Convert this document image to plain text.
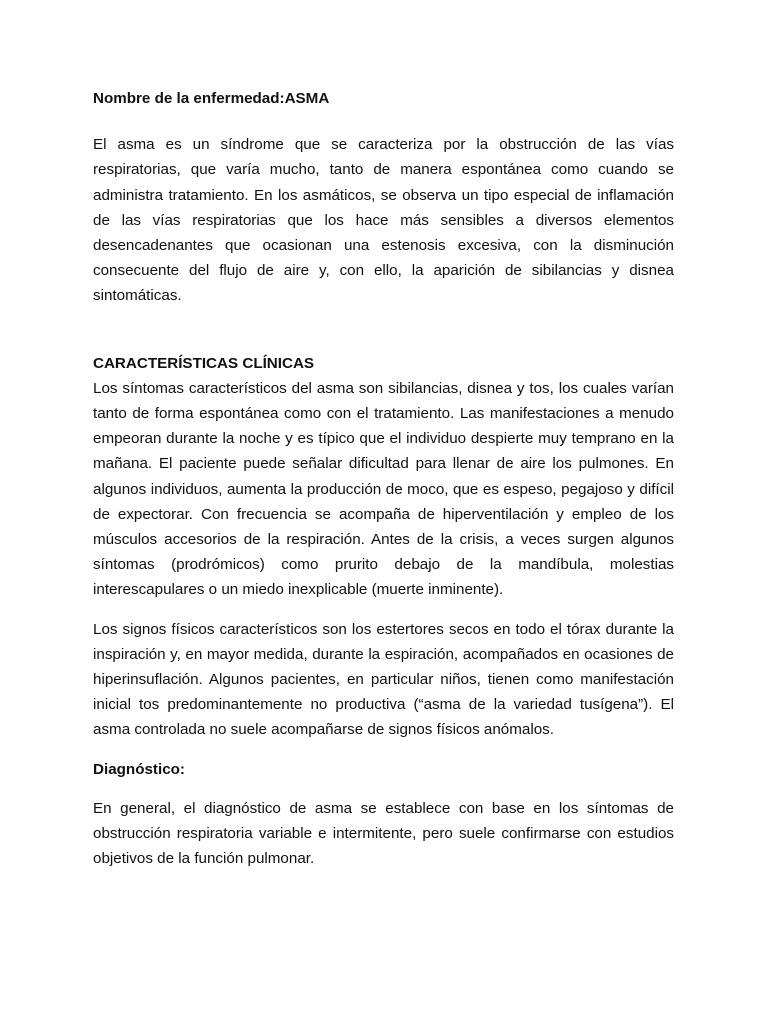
Nombre de la enfermedad:ASMA

El asma es un síndrome que se caracteriza por la obstrucción de las vías respiratorias, que varía mucho, tanto de manera espontánea como cuando se administra tratamiento. En los asmáticos, se observa un tipo especial de inflamación de las vías respiratorias que los hace más sensibles a diversos elementos desencadenantes que ocasionan una estenosis excesiva, con la disminución consecuente del flujo de aire y, con ello, la aparición de sibilancias y disnea sintomáticas.

CARACTERÍSTICAS CLÍNICAS

Los síntomas característicos del asma son sibilancias, disnea y tos, los cuales varían tanto de forma espontánea como con el tratamiento. Las manifestaciones a menudo empeoran durante la noche y es típico que el individuo despierte muy temprano en la mañana. El paciente puede señalar dificultad para llenar de aire los pulmones. En algunos individuos, aumenta la producción de moco, que es espeso, pegajoso y difícil de expectorar. Con frecuencia se acompaña de hiperventilación y empleo de los músculos accesorios de la respiración. Antes de la crisis, a veces surgen algunos síntomas (prodrómicos) como prurito debajo de la mandíbula, molestias interescapulares o un miedo inexplicable (muerte inminente).

Los signos físicos característicos son los estertores secos en todo el tórax durante la inspiración y, en mayor medida, durante la espiración, acompañados en ocasiones de hiperinsuflación. Algunos pacientes, en particular niños, tienen como manifestación inicial tos predominantemente no productiva (“asma de la variedad tusígena”). El asma controlada no suele acompañarse de signos físicos anómalos.

Diagnóstico:

En general, el diagnóstico de asma se establece con base en los síntomas de obstrucción respiratoria variable e intermitente, pero suele confirmarse con estudios objetivos de la función pulmonar.
